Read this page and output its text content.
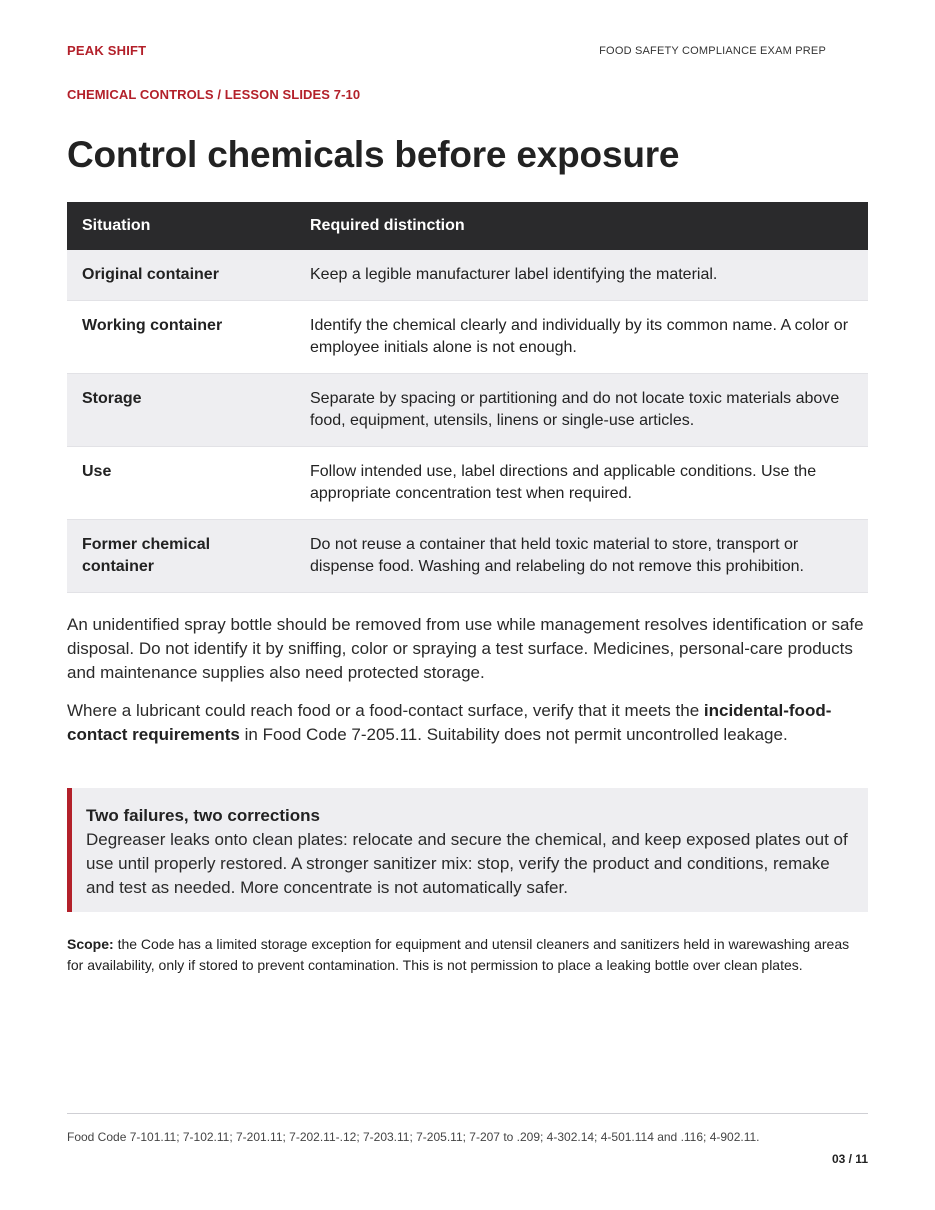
PEAK SHIFT	FOOD SAFETY COMPLIANCE EXAM PREP
CHEMICAL CONTROLS / LESSON SLIDES 7-10
Control chemicals before exposure
Situation	Required distinction
Original container	Keep a legible manufacturer label identifying the material.
Working container	Identify the chemical clearly and individually by its common name. A color or employee initials alone is not enough.
Storage	Separate by spacing or partitioning and do not locate toxic materials above food, equipment, utensils, linens or single-use articles.
Use	Follow intended use, label directions and applicable conditions. Use the appropriate concentration test when required.
Former chemical container	Do not reuse a container that held toxic material to store, transport or dispense food. Washing and relabeling do not remove this prohibition.

An unidentified spray bottle should be removed from use while management resolves identification or safe disposal. Do not identify it by sniffing, color or spraying a test surface. Medicines, personal-care products and maintenance supplies also need protected storage.

Where a lubricant could reach food or a food-contact surface, verify that it meets the incidental-food-contact requirements in Food Code 7-205.11. Suitability does not permit uncontrolled leakage.

Two failures, two corrections
Degreaser leaks onto clean plates: relocate and secure the chemical, and keep exposed plates out of use until properly restored. A stronger sanitizer mix: stop, verify the product and conditions, remake and test as needed. More concentrate is not automatically safer.

Scope: the Code has a limited storage exception for equipment and utensil cleaners and sanitizers held in warewashing areas for availability, only if stored to prevent contamination. This is not permission to place a leaking bottle over clean plates.

Food Code 7-101.11; 7-102.11; 7-201.11; 7-202.11-.12; 7-203.11; 7-205.11; 7-207 to .209; 4-302.14; 4-501.114 and .116; 4-902.11.
03 / 11
